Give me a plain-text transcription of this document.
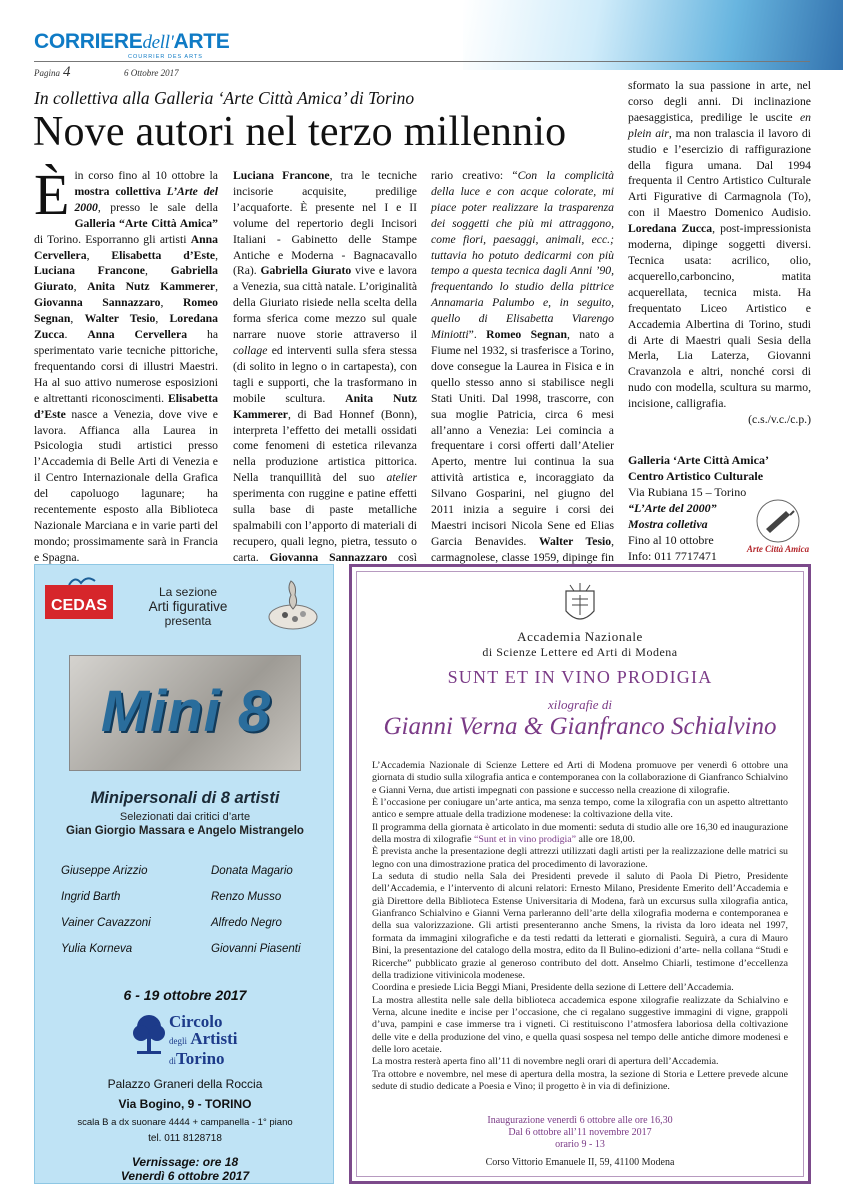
CORRIEREdell'ARTE
COURRIER DES ARTS
Pagina 4	6 Ottobre 2017
In collettiva alla Galleria ‘Arte Città Amica’ di Torino
Nove autori nel terzo millennio
È in corso fino al 10 ottobre la mostra collettiva L’Arte del 2000, presso le sale della Galleria “Arte Città Amica” di Torino. Esporranno gli artisti Anna Cervellera, Elisabetta d’Este, Luciana Francone, Gabriella Giurato, Anita Nutz Kammerer, Giovanna Sannazzaro, Romeo Segnan, Walter Tesio, Loredana Zucca. Anna Cervellera ha sperimentato varie tecniche pittoriche, frequentando corsi di illustri Maestri. Ha al suo attivo numerose esposizioni e altrettanti riconoscimenti. Elisabetta d’Este nasce a Venezia, dove vive e lavora. Affianca alla Laurea in Psicologia studi artistici presso l’Accademia di Belle Arti di Venezia e il Centro Internazionale della Grafica del capoluogo lagunare; ha recentemente esposto alla Biblioteca Nazionale Marciana e in varie parti del mondo; prossimamente sarà in Francia e Spagna.
Luciana Francone, tra le tecniche incisorie acquisite, predilige l’acquaforte. È presente nel I e II volume del repertorio degli Incisori Italiani - Gabinetto delle Stampe Antiche e Moderna - Bagnacavallo (Ra). Gabriella Giurato vive e lavora a Venezia, sua città natale. L’originalità della Giuriato risiede nella scelta della forma sferica come mezzo sul quale narrare nuove storie attraverso il collage ed interventi sulla sfera stessa (di solito in legno o in cartapesta), con tagli e supporti, che la trasformano in mobile scultura. Anita Nutz Kammerer, di Bad Honnef (Bonn), interpreta l’effetto dei metalli ossidati come fenomeni di estetica rilevanza nella produzione artistica pittorica. Nella tranquillità del suo atelier sperimenta con ruggine e patine effetti sulla base di paste metalliche spalmabili con l’apporto di materiali di recupero, quali legno, pietra, tessuto o carta. Giovanna Sannazzaro così
rario creativo: “Con la complicità della luce e con acque colorate, mi piace poter realizzare la trasparenza dei soggetti che più mi attraggono, come fiori, paesaggi, animali, ecc.; tuttavia ho potuto dedicarmi con più tempo a questa tecnica dagli Anni ’90, frequentando lo studio della pittrice Annamaria Palumbo e, in seguito, quello di Elisabetta Viarengo Miniotti”. Romeo Segnan, nato a Fiume nel 1932, si trasferisce a Torino, dove consegue la Laurea in Fisica e in quello stesso anno si stabilisce negli Stati Uniti. Dal 1998, trascorre, con sua moglie Patricia, circa 6 mesi all’anno a Venezia: Lei comincia a frequentare i corsi offerti dall’Atelier Aperto, mentre lui continua la sua attività artistica e, incoraggiato da Silvano Gosparini, nel giugno del 2011 inizia a seguire i corsi dei Maestri incisori Nicola Sene ed Elias Garcia Benavides. Walter Tesio, carmagnolese, classe 1959, dipinge fin
sformato la sua passione in arte, nel corso degli anni. Di inclinazione paesaggistica, predilige le uscite en plein air, ma non tralascia il lavoro di studio e l’esercizio di raffigurazione della figura umana. Dal 1994 frequenta il Centro Artistico Culturale Arti Figurative di Carmagnola (To), con il Maestro Domenico Audisio. Loredana Zucca, post-impressionista moderna, dipinge soggetti diversi. Tecnica usata: acrilico, olio, acquerello,carboncino, matita acquerellata, tecnica mista. Ha frequentato Liceo Artistico e Accademia Albertina di Torino, studi di Arte di Maestri quali Sesia della Merla, Lia Laterza, Giovanni Cravanzola e altri, nonché corsi di nudo con modella, scultura su marmo, incisione, calligrafia.
(c.s./v.c./c.p.)
Galleria ‘Arte Città Amica’
Centro Artistico Culturale
Via Rubiana 15 – Torino
“L’Arte del 2000”
Mostra colletiva
Fino al 10 ottobre
Info: 011 7717471	Arte Città Amica
CEDAS
La sezione
Arti figurative
presenta
Mini 8
Minipersonali di 8 artisti
Selezionati dai critici d’arte
Gian Giorgio Massara e Angelo Mistrangelo
Giuseppe Arizzio
Ingrid Barth
Vainer Cavazzoni
Yulia Korneva
Donata Magario
Renzo Musso
Alfredo Negro
Giovanni Piasenti
6 - 19 ottobre 2017
Circolo
degli Artisti
diTorino
Palazzo Graneri della Roccia
Via Bogino, 9 - TORINO
scala B a dx suonare 4444 + campanella - 1° piano
tel. 011 8128718
Vernissage: ore 18
Venerdì 6 ottobre 2017
Accademia Nazionale
di Scienze Lettere ed Arti di Modena
SUNT ET IN VINO PRODIGIA
xilografie di
Gianni Verna & Gianfranco Schialvino
L’Accademia Nazionale di Scienze Lettere ed Arti di Modena promuove per venerdì 6 ottobre una giornata di studio sulla xilografia antica e contemporanea con la collaborazione di Gianfranco Schialvino e Gianni Verna, due artisti impegnati con passione e successo nella creazione di xilografie.
È l’occasione per coniugare un’arte antica, ma senza tempo, come la xilografia con un aspetto altrettanto antico e sempre attuale della tradizione modenese: la coltivazione della vite.
Il programma della giornata è articolato in due momenti: seduta di studio alle ore 16,30 ed inaugurazione della mostra di xilografie “Sunt et in vino prodigia” alle ore 18,00.
È prevista anche la presentazione degli attrezzi utilizzati dagli artisti per la realizzazione delle matrici su legno con una dimostrazione pratica del procedimento di lavorazione.
La seduta di studio nella Sala dei Presidenti prevede il saluto di Paola Di Pietro, Presidente dell’Accademia, e l’intervento di alcuni relatori: Ernesto Milano, Presidente Emerito dell’Accademia e già Direttore della Biblioteca Estense Universitaria di Modena, farà un excursus sulla xilografia antica, Gianfranco Schialvino e Gianni Verna parleranno dell’arte della xilografia moderna e contemporanea e della sua valorizzazione. Gli artisti presenteranno anche Smens, la rivista da loro ideata nel 1997, formata da immagini xilografiche e da testi redatti da letterati e giornalisti. Seguirà, a cura di Mauro Bini, la presentazione del catalogo della mostra, edito da Il Bulino-edizioni d’arte- nella collana “Studi e Ricerche” pubblicato grazie al generoso contributo del dott. Anselmo Chiarli, testimone d’eccellenza della tradizione vitivinicola modenese.
Coordina e presiede Licia Beggi Miani, Presidente della sezione di Lettere dell’Accademia.
La mostra allestita nelle sale della biblioteca accademica espone xilografie realizzate da Schialvino e Verna, alcune inedite e incise per l’occasione, che ci regalano suggestive immagini di vigne, grappoli d’uva, pampini e case immerse tra i vigneti. Ci restituiscono l’atmosfera laboriosa della coltivazione delle vite e della produzione del vino, e quella quasi sospesa nel tempo delle antiche dimore modenesi e delle loro acetaie.
La mostra resterà aperta fino all’11 di novembre negli orari di apertura dell’Accademia.
Tra ottobre e novembre, nel mese di apertura della mostra, la sezione di Storia e Lettere prevede alcune sedute di studio dedicate a Poesia e Vino; il progetto è in via di definizione.
Inaugurazione venerdì 6 ottobre alle ore 16,30
Dal 6 ottobre all’11 novembre 2017
orario 9 - 13
Corso Vittorio Emanuele II, 59, 41100 Modena
